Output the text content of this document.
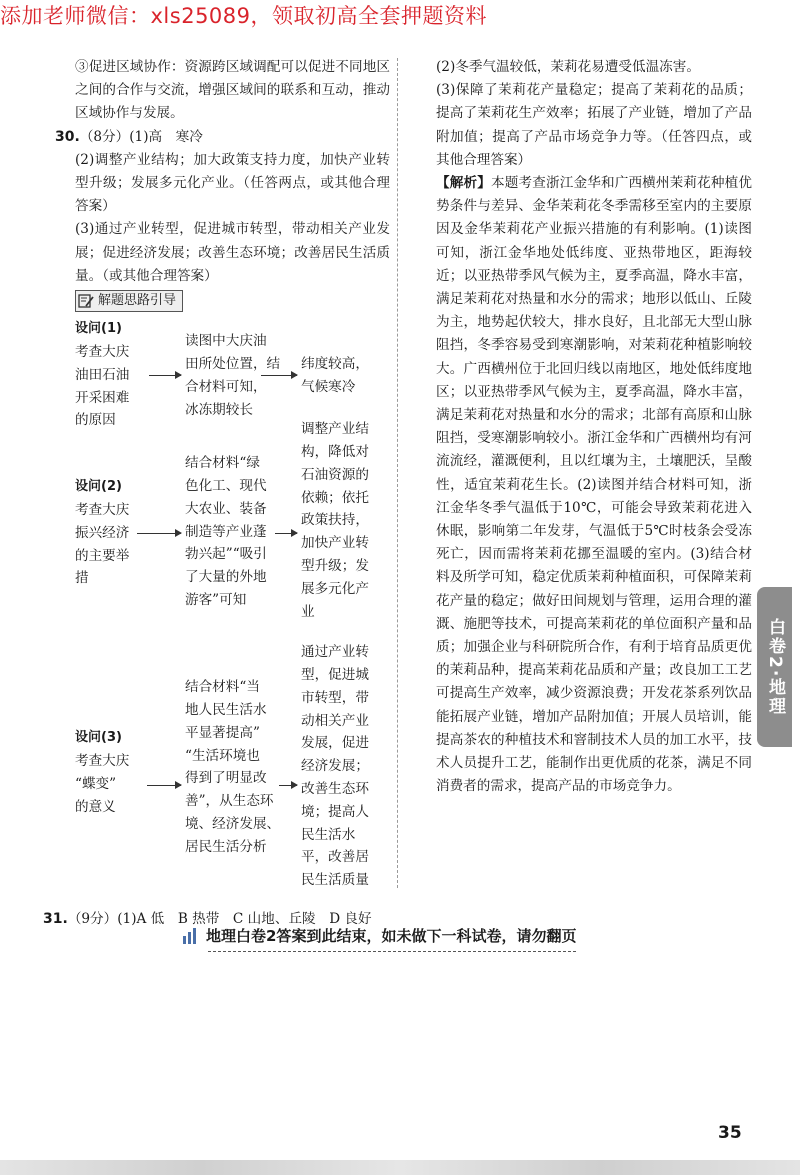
添加老师微信：xls25089，领取初高全套押题资料

③促进区域协作：资源跨区域调配可以促进不同地区之间的合作与交流，增强区域间的联系和互动，推动区域协作与发展。

30.（8分）(1)高　寒冷

(2)调整产业结构；加大政策支持力度，加快产业转型升级；发展多元化产业。（任答两点，或其他合理答案）

(3)通过产业转型，促进城市转型，带动相关产业发展；促进经济发展；改善生态环境；改善居民生活质量。（或其他合理答案）

解题思路引导
设问(1)
考查大庆
油田石油
开采困难
的原因
读图中大庆油
田所处位置，结
合材料可知，
冰冻期较长
纬度较高，
气候寒冷
设问(2)
考查大庆
振兴经济
的主要举
措
结合材料“绿
色化工、现代
大农业、装备
制造等产业蓬
勃兴起”“吸引
了大量的外地
游客”可知
调整产业结
构，降低对
石油资源的
依赖；依托
政策扶持，
加快产业转
型升级；发
展多元化产
业
设问(3)
考查大庆
“蝶变”
的意义
结合材料“当
地人民生活水
平显著提高”
“生活环境也
得到了明显改
善”，从生态环
境、经济发展、
居民生活分析
通过产业转
型，促进城
市转型，带
动相关产业
发展，促进
经济发展；
改善生态环
境；提高人
民生活水
平，改善居
民生活质量

31.（9分）(1)A 低　B 热带　C 山地、丘陵　D 良好

(2)冬季气温较低，茉莉花易遭受低温冻害。

(3)保障了茉莉花产量稳定；提高了茉莉花的品质；提高了茉莉花生产效率；拓展了产业链，增加了产品附加值；提高了产品市场竞争力等。（任答四点，或其他合理答案）

【解析】本题考查浙江金华和广西横州茉莉花种植优势条件与差异、金华茉莉花冬季需移至室内的主要原因及金华茉莉花产业振兴措施的有利影响。(1)读图可知，浙江金华地处低纬度、亚热带地区，距海较近；以亚热带季风气候为主，夏季高温，降水丰富，满足茉莉花对热量和水分的需求；地形以低山、丘陵为主，地势起伏较大，排水良好，且北部无大型山脉阻挡，冬季容易受到寒潮影响，对茉莉花种植影响较大。广西横州位于北回归线以南地区，地处低纬度地区；以亚热带季风气候为主，夏季高温，降水丰富，满足茉莉花对热量和水分的需求；北部有高原和山脉阻挡，受寒潮影响较小。浙江金华和广西横州均有河流流经，灌溉便利，且以红壤为主，土壤肥沃，呈酸性，适宜茉莉花生长。(2)读图并结合材料可知，浙江金华冬季气温低于10℃，可能会导致茉莉花进入休眠，影响第二年发芽，气温低于5℃时枝条会受冻死亡，因而需将茉莉花挪至温暖的室内。(3)结合材料及所学可知，稳定优质茉莉种植面积，可保障茉莉花产量的稳定；做好田间规划与管理，运用合理的灌溉、施肥等技术，可提高茉莉花的单位面积产量和品质；加强企业与科研院所合作，有利于培育品质更优的茉莉品种，提高茉莉花品质和产量；改良加工工艺可提高生产效率，减少资源浪费；开发花茶系列饮品能拓展产业链，增加产品附加值；开展人员培训，能提高茶农的种植技术和窨制技术人员的加工水平，技术人员提升工艺，能制作出更优质的花茶，满足不同消费者的需求，提高产品的市场竞争力。

白卷2·地理
地理白卷2答案到此结束，如未做下一科试卷，请勿翻页
35
